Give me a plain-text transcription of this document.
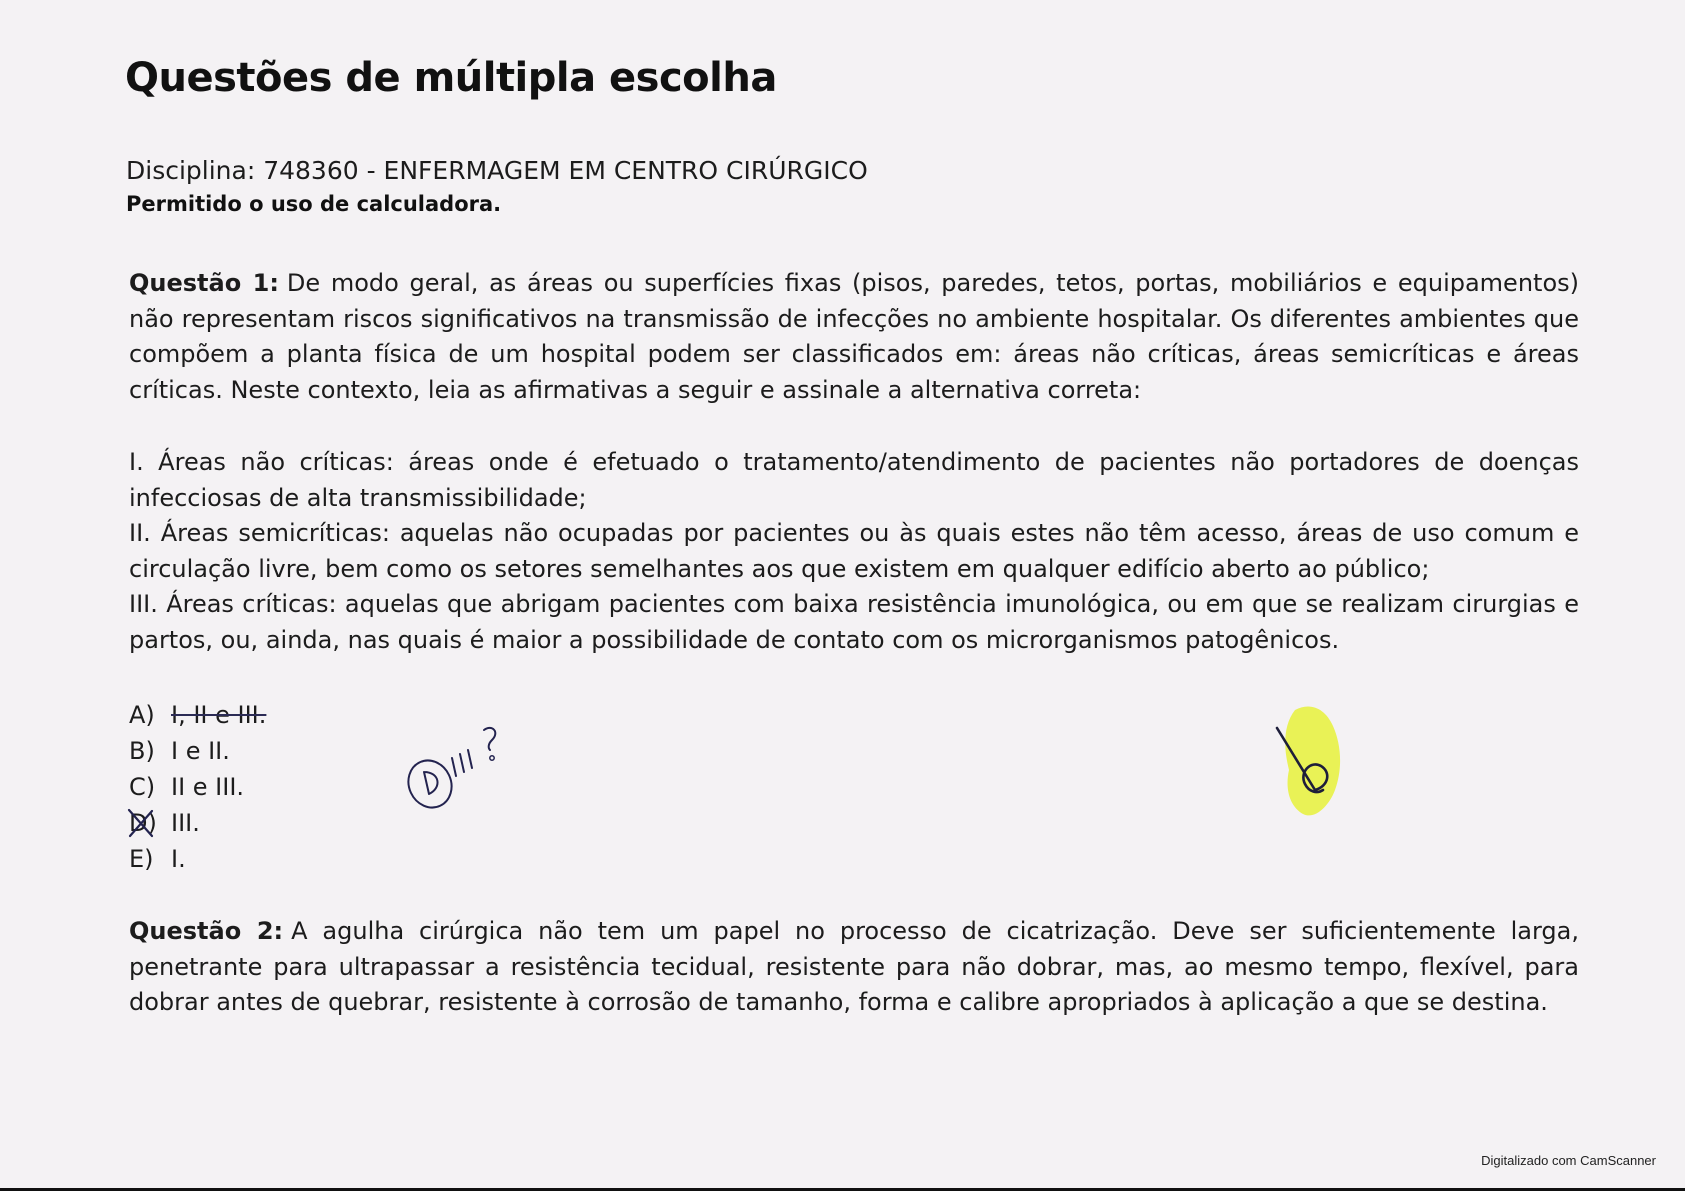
Questões de múltipla escolha
Disciplina: 748360 - ENFERMAGEM EM CENTRO CIRÚRGICO
Permitido o uso de calculadora.
Questão 1: De modo geral, as áreas ou superfícies fixas (pisos, paredes, tetos, portas, mobiliários e equipamentos) não representam riscos significativos na transmissão de infecções no ambiente hospitalar. Os diferentes ambientes que compõem a planta física de um hospital podem ser classificados em: áreas não críticas, áreas semicríticas e áreas críticas. Neste contexto, leia as afirmativas a seguir e assinale a alternativa correta:
I. Áreas não críticas: áreas onde é efetuado o tratamento/atendimento de pacientes não portadores de doenças infecciosas de alta transmissibilidade;
II. Áreas semicríticas: aquelas não ocupadas por pacientes ou às quais estes não têm acesso, áreas de uso comum e circulação livre, bem como os setores semelhantes aos que existem em qualquer edifício aberto ao público;
III. Áreas críticas: aquelas que abrigam pacientes com baixa resistência imunológica, ou em que se realizam cirurgias e partos, ou, ainda, nas quais é maior a possibilidade de contato com os microrganismos patogênicos.
A) I, II e III.
B) I e II.
C) II e III.
D) III.
E) I.
Questão 2: A agulha cirúrgica não tem um papel no processo de cicatrização. Deve ser suficientemente larga, penetrante para ultrapassar a resistência tecidual, resistente para não dobrar, mas, ao mesmo tempo, flexível, para dobrar antes de quebrar, resistente à corrosão de tamanho, forma e calibre apropriados à aplicação a que se destina.
Digitalizado com CamScanner
